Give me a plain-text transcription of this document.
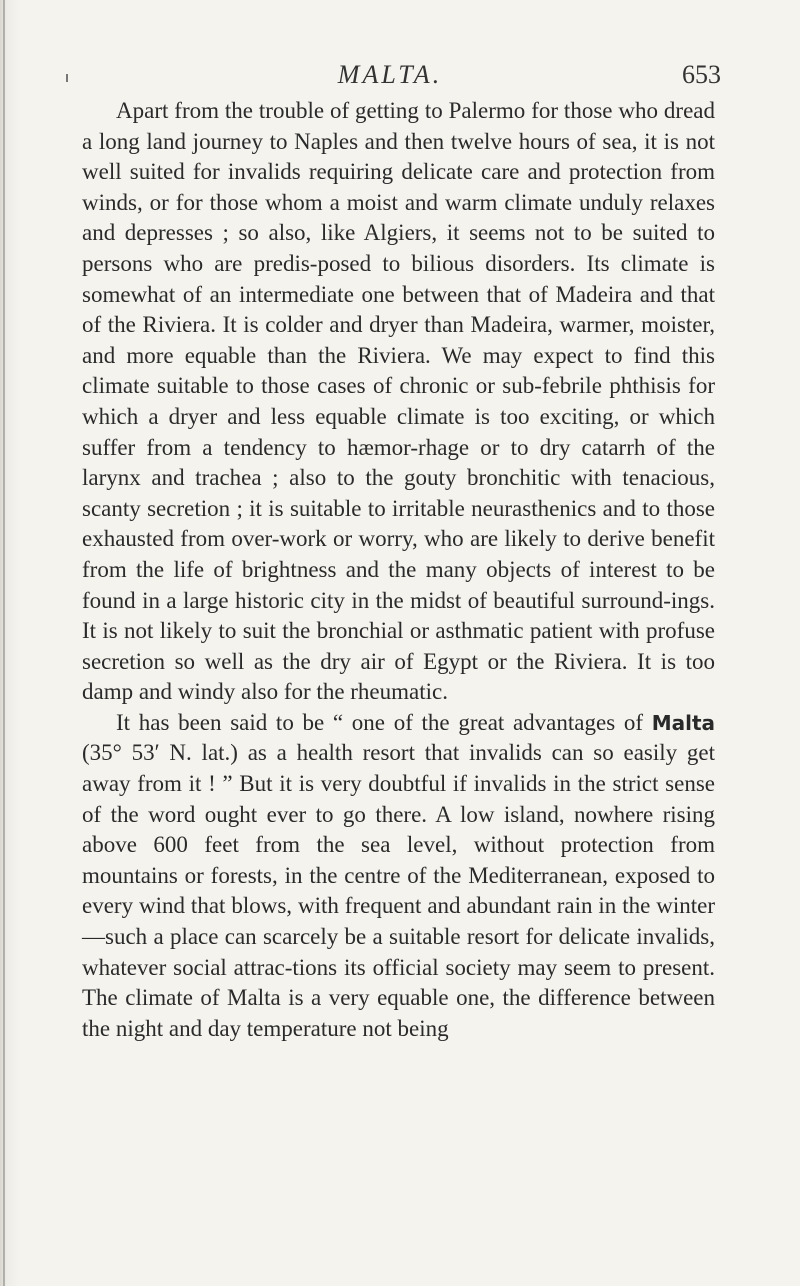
MALTA.	653

Apart from the trouble of getting to Palermo for those who dread a long land journey to Naples and then twelve hours of sea, it is not well suited for invalids requiring delicate care and protection from winds, or for those whom a moist and warm climate unduly relaxes and depresses ; so also, like Algiers, it seems not to be suited to persons who are predis-posed to bilious disorders. Its climate is somewhat of an intermediate one between that of Madeira and that of the Riviera. It is colder and dryer than Madeira, warmer, moister, and more equable than the Riviera. We may expect to find this climate suitable to those cases of chronic or sub-febrile phthisis for which a dryer and less equable climate is too exciting, or which suffer from a tendency to hæmor-rhage or to dry catarrh of the larynx and trachea ; also to the gouty bronchitic with tenacious, scanty secretion ; it is suitable to irritable neurasthenics and to those exhausted from over-work or worry, who are likely to derive benefit from the life of brightness and the many objects of interest to be found in a large historic city in the midst of beautiful surround-ings. It is not likely to suit the bronchial or asthmatic patient with profuse secretion so well as the dry air of Egypt or the Riviera. It is too damp and windy also for the rheumatic.

It has been said to be “ one of the great advantages of Malta (35° 53′ N. lat.) as a health resort that invalids can so easily get away from it ! ” But it is very doubtful if invalids in the strict sense of the word ought ever to go there. A low island, nowhere rising above 600 feet from the sea level, without protection from mountains or forests, in the centre of the Mediterranean, exposed to every wind that blows, with frequent and abundant rain in the winter—such a place can scarcely be a suitable resort for delicate invalids, whatever social attrac-tions its official society may seem to present. The climate of Malta is a very equable one, the difference between the night and day temperature not being
